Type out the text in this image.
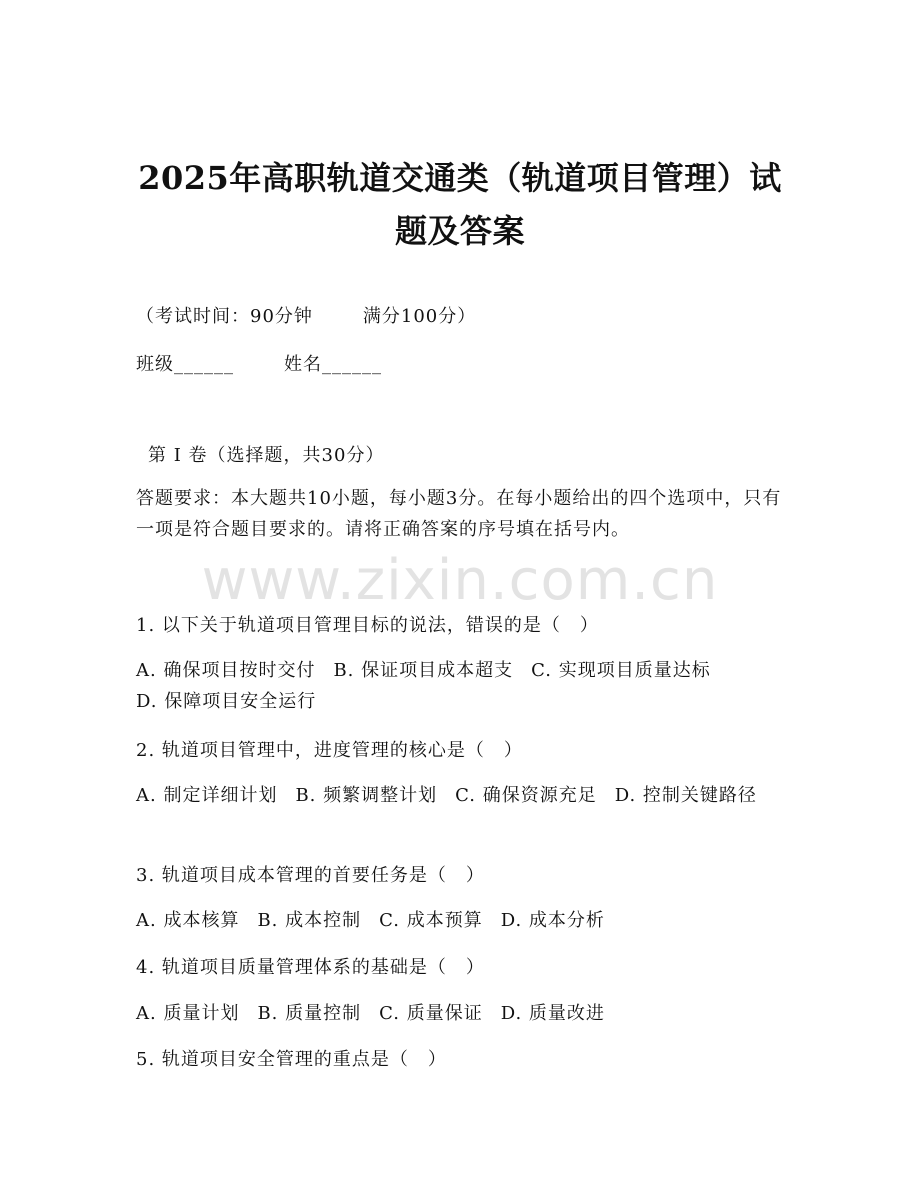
2025年高职轨道交通类（轨道项目管理）试
题及答案
（考试时间：90分钟	满分100分）
班级______	姓名______
第 I 卷（选择题，共30分）
答题要求：本大题共10小题，每小题3分。在每小题给出的四个选项中，只有一项是符合题目要求的。请将正确答案的序号填在括号内。
www.zixin.com.cn
1. 以下关于轨道项目管理目标的说法，错误的是（　）
A. 确保项目按时交付 B. 保证项目成本超支 C. 实现项目质量达标D. 保障项目安全运行
2. 轨道项目管理中，进度管理的核心是（　）
A. 制定详细计划 B. 频繁调整计划 C. 确保资源充足 D. 控制关键路径
3. 轨道项目成本管理的首要任务是（　）
A. 成本核算 B. 成本控制 C. 成本预算 D. 成本分析
4. 轨道项目质量管理体系的基础是（　）
A. 质量计划 B. 质量控制 C. 质量保证 D. 质量改进
5. 轨道项目安全管理的重点是（　）
